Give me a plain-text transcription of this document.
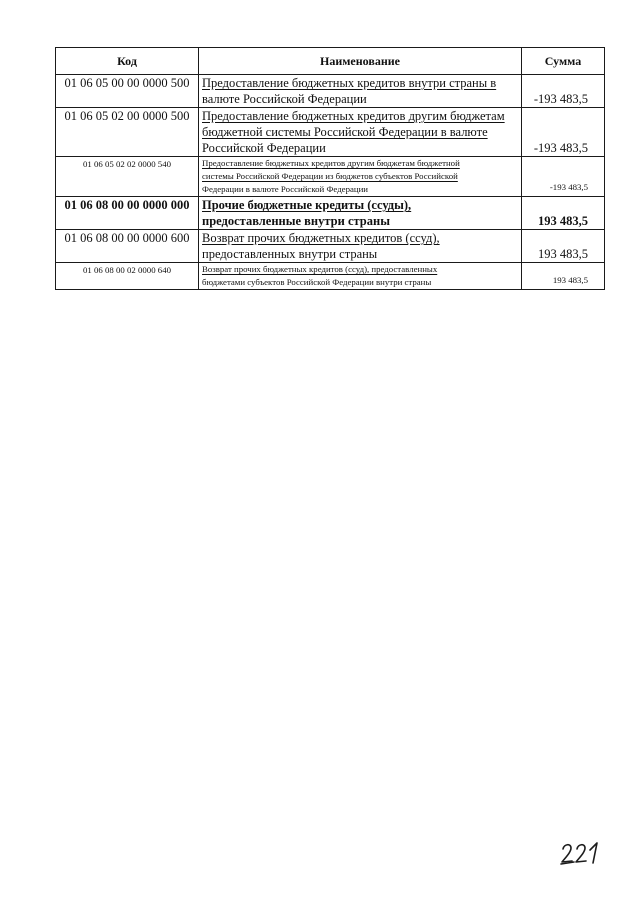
Код	Наименование	Сумма
01 06 05 00 00 0000 500	Предоставление бюджетных кредитов внутри страны в
валюте Российской Федерации	-193 483,5
01 06 05 02 00 0000 500	Предоставление бюджетных кредитов другим бюджетам
бюджетной системы Российской Федерации в валюте
Российской Федерации	-193 483,5
01 06 05 02 02 0000 540	Предоставление бюджетных кредитов другим бюджетам бюджетной
системы Российской Федерации из бюджетов субъектов Российской
Федерации в валюте Российской Федерации	-193 483,5
01 06 08 00 00 0000 000	Прочие бюджетные кредиты (ссуды),
предоставленные внутри страны	193 483,5
01 06 08 00 00 0000 600	Возврат прочих бюджетных кредитов (ссуд),
предоставленных внутри страны	193 483,5
01 06 08 00 02 0000 640	Возврат прочих бюджетных кредитов (ссуд), предоставленных
бюджетами субъектов Российской Федерации внутри страны	193 483,5
